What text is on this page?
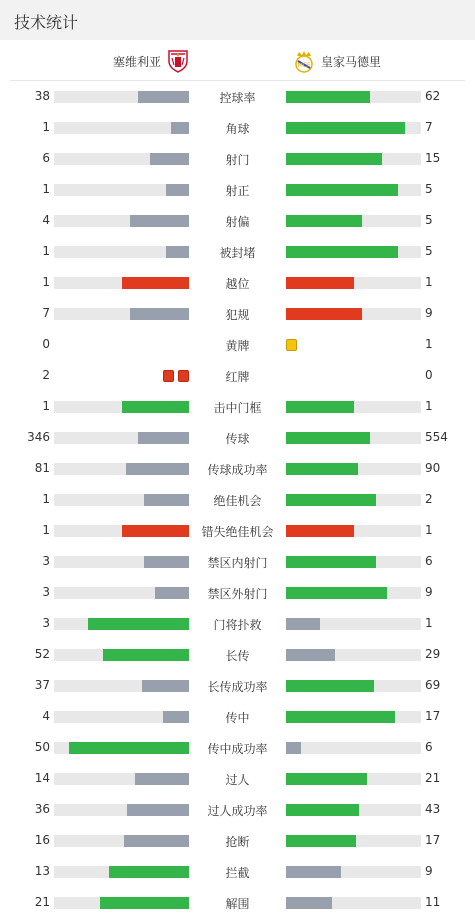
技术统计
塞维利亚	MCF 皇家马德里
38	控球率	62
1	角球	7
6	射门	15
1	射正	5
4	射偏	5
1	被封堵	5
1	越位	1
7	犯规	9
0	黄牌	1
2	红牌	0
1	击中门框	1
346	传球	554
81	传球成功率	90
1	绝佳机会	2
1	错失绝佳机会	1
3	禁区内射门	6
3	禁区外射门	9
3	门将扑救	1
52	长传	29
37	长传成功率	69
4	传中	17
50	传中成功率	6
14	过人	21
36	过人成功率	43
16	抢断	17
13	拦截	9
21	解围	11
